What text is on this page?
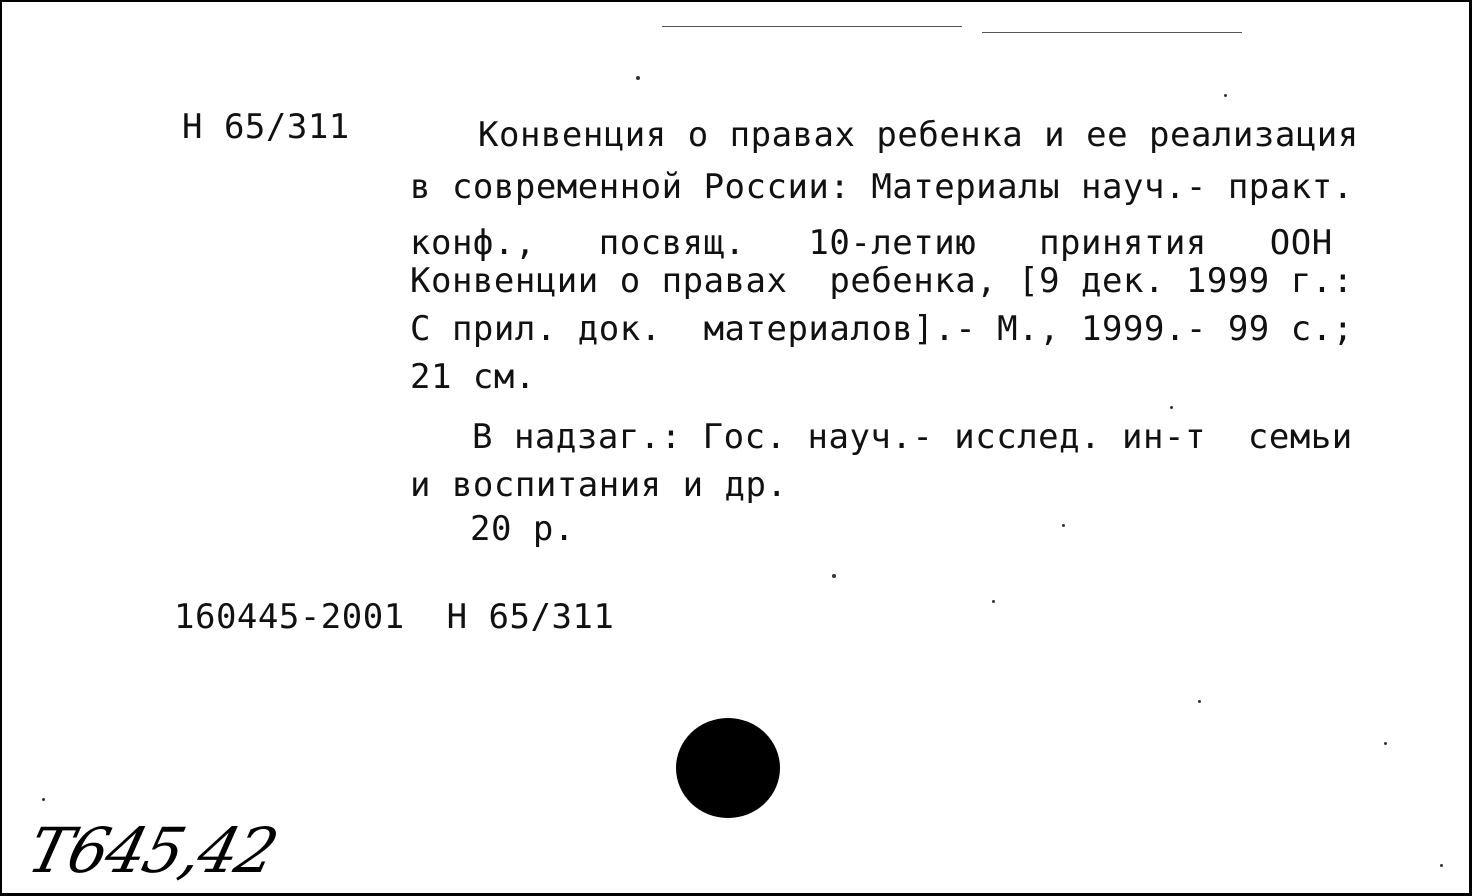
Н 65/311	Конвенция о правах ребенка и ее реализация
в современной России: Материалы науч.- практ.
конф.,   посвящ.   10-летию   принятия   ООН
Конвенции о правах  ребенка, [9 дек. 1999 г.:
С прил. док.  материалов].- М., 1999.- 99 с.;
21 см.
В надзаг.: Гос. науч.- исслед. ин-т  семьи
и воспитания и др.
20 р.
160445-2001  Н 65/311
Т645,42
